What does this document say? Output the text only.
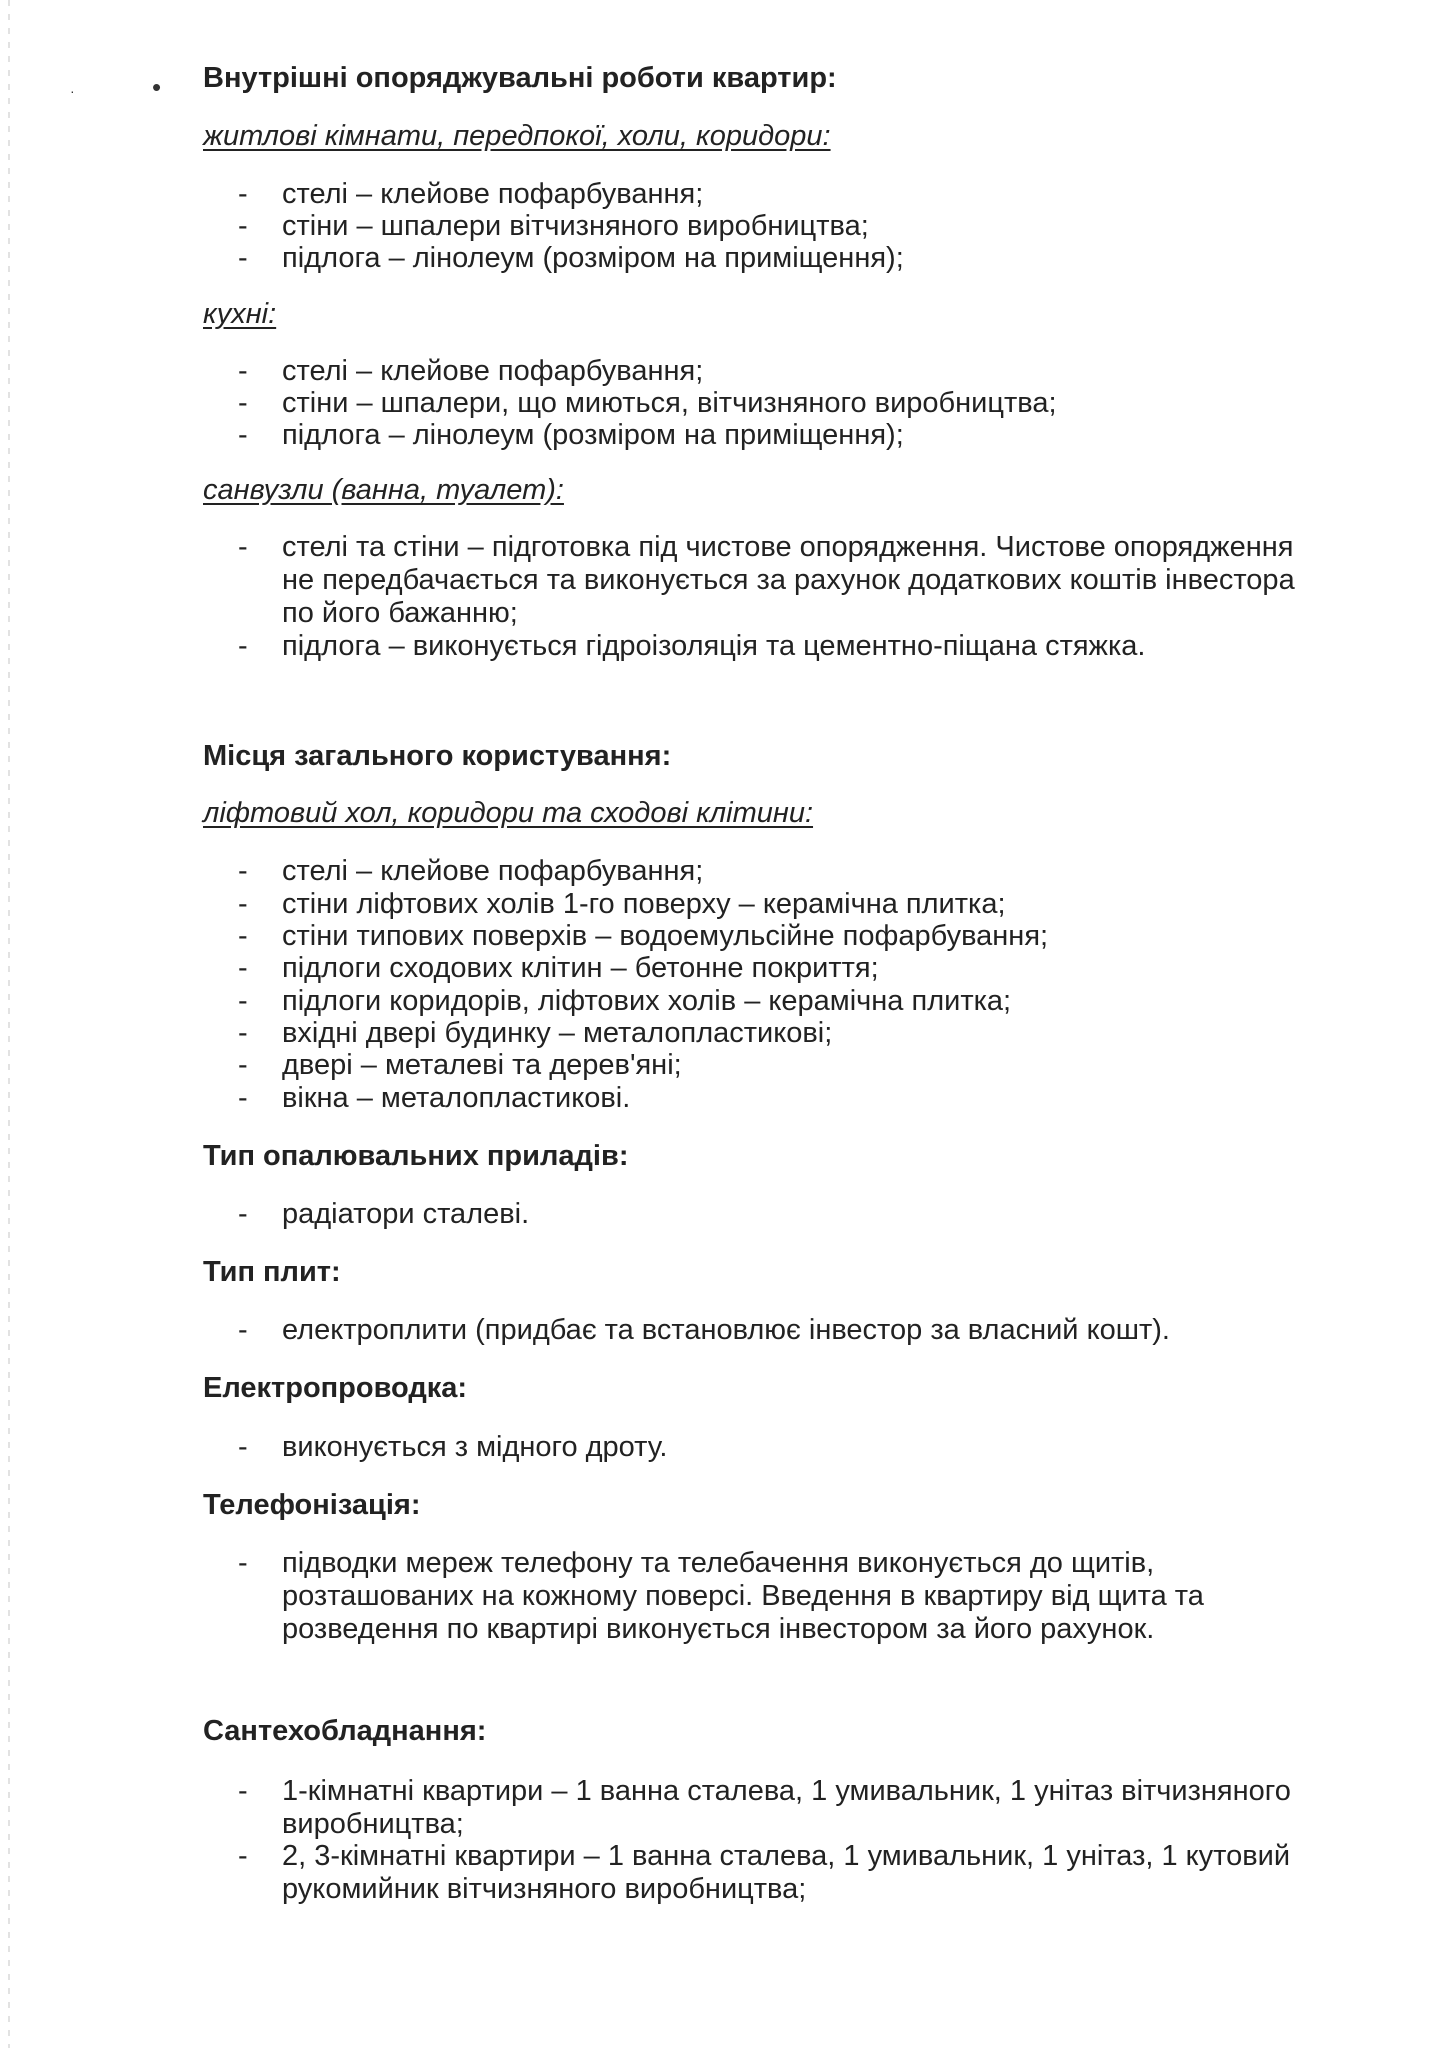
·	• Внутрішні опоряджувальні роботи квартир:
житлові кімнати, передпокої, холи, коридори:
- стелі – клейове пофарбування;
- стіни – шпалери вітчизняного виробництва;
- підлога – лінолеум (розміром на приміщення);
кухні:
- стелі – клейове пофарбування;
- стіни – шпалери, що миються, вітчизняного виробництва;
- підлога – лінолеум (розміром на приміщення);
санвузли (ванна, туалет):
- стелі та стіни – підготовка під чистове опорядження. Чистове опорядження не передбачається та виконується за рахунок додаткових коштів інвестора по його бажанню;
- підлога – виконується гідроізоляція та цементно-піщана стяжка.
Місця загального користування:
ліфтовий хол, коридори та сходові клітини:
- стелі – клейове пофарбування;
- стіни ліфтових холів 1-го поверху – керамічна плитка;
- стіни типових поверхів – водоемульсійне пофарбування;
- підлоги сходових клітин – бетонне покриття;
- підлоги коридорів, ліфтових холів – керамічна плитка;
- вхідні двері будинку – металопластикові;
- двері – металеві та дерев'яні;
- вікна – металопластикові.
Тип опалювальних приладів:
- радіатори сталеві.
Тип плит:
- електроплити (придбає та встановлює інвестор за власний кошт).
Електропроводка:
- виконується з мідного дроту.
Телефонізація:
- підводки мереж телефону та телебачення виконується до щитів, розташованих на кожному поверсі. Введення в квартиру від щита та розведення по квартирі виконується інвестором за його рахунок.
Сантехобладнання:
- 1-кімнатні квартири – 1 ванна сталева, 1 умивальник, 1 унітаз вітчизняного виробництва;
- 2, 3-кімнатні квартири – 1 ванна сталева, 1 умивальник, 1 унітаз, 1 кутовий рукомийник вітчизняного виробництва;
